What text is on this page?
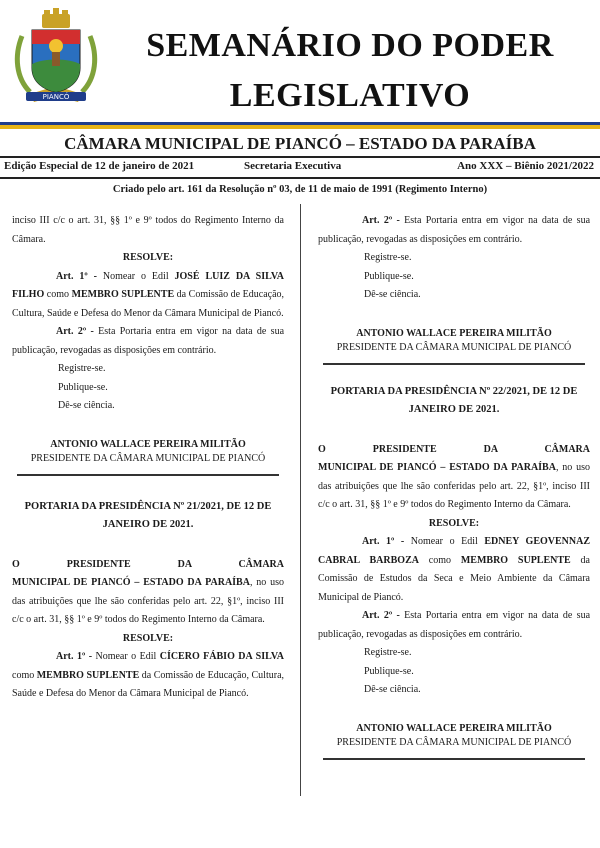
PIANCÓ
SEMANÁRIO DO PODER
LEGISLATIVO
CÂMARA MUNICIPAL DE PIANCÓ – ESTADO DA PARAÍBA
Edição Especial de 12 de janeiro de 2021	Secretaria Executiva	Ano XXX – Biênio 2021/2022
Criado pelo art. 161 da Resolução nº 03, de 11 de maio de 1991 (Regimento Interno)

inciso III c/c o art. 31, §§ 1º e 9º todos do Regimento Interno da Câmara.

RESOLVE:

Art. 1º - Nomear o Edil JOSÉ LUIZ DA SILVA FILHO como MEMBRO SUPLENTE da Comissão de Educação, Cultura, Saúde e Defesa do Menor da Câmara Municipal de Piancó.

Art. 2º - Esta Portaria entra em vigor na data de sua publicação, revogadas as disposições em contrário.

Registre-se.

Publique-se.

Dê-se ciência.

ANTONIO WALLACE PEREIRA MILITÃO
PRESIDENTE DA CÂMARA MUNICIPAL DE PIANCÓ

PORTARIA DA PRESIDÊNCIA Nº 21/2021, DE 12 DE JANEIRO DE 2021.

O PRESIDENTE DA CÂMARA

MUNICIPAL DE PIANCÓ – ESTADO DA PARAÍBA, no uso das atribuições que lhe são conferidas pelo art. 22, §1º, inciso III c/c o art. 31, §§ 1º e 9º todos do Regimento Interno da Câmara.

RESOLVE:

Art. 1º - Nomear o Edil CÍCERO FÁBIO DA SILVA como MEMBRO SUPLENTE da Comissão de Educação, Cultura, Saúde e Defesa do Menor da Câmara Municipal de Piancó.

Art. 2º - Esta Portaria entra em vigor na data de sua publicação, revogadas as disposições em contrário.

Registre-se.

Publique-se.

Dê-se ciência.

ANTONIO WALLACE PEREIRA MILITÃO
PRESIDENTE DA CÂMARA MUNICIPAL DE PIANCÓ

PORTARIA DA PRESIDÊNCIA Nº 22/2021, DE 12 DE JANEIRO DE 2021.

O PRESIDENTE DA CÂMARA

MUNICIPAL DE PIANCÓ – ESTADO DA PARAÍBA, no uso das atribuições que lhe são conferidas pelo art. 22, §1º, inciso III c/c o art. 31, §§ 1º e 9º todos do Regimento Interno da Câmara.

RESOLVE:

Art. 1º - Nomear o Edil EDNEY GEOVENNAZ CABRAL BARBOZA como MEMBRO SUPLENTE da Comissão de Estudos da Seca e Meio Ambiente da Câmara Municipal de Piancó.

Art. 2º - Esta Portaria entra em vigor na data de sua publicação, revogadas as disposições em contrário.

Registre-se.

Publique-se.

Dê-se ciência.

ANTONIO WALLACE PEREIRA MILITÃO
PRESIDENTE DA CÂMARA MUNICIPAL DE PIANCÓ
